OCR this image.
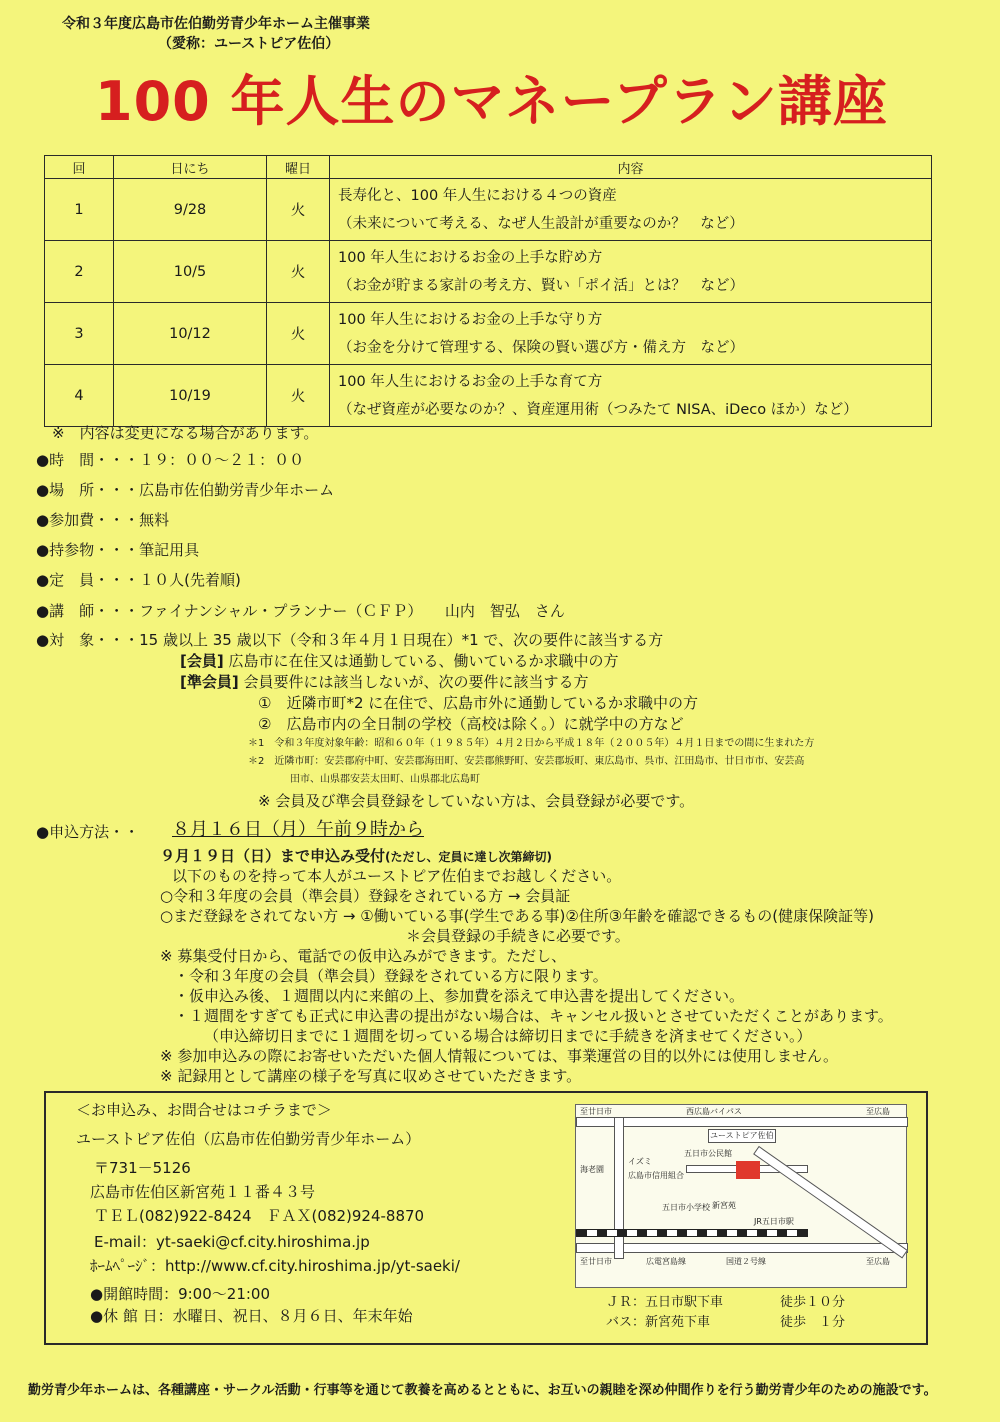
令和３年度広島市佐伯勤労青少年ホーム主催事業
（愛称：ユーストピア佐伯）
100 年人生のマネープラン講座
回	日にち	曜日	内容
1	9/28	火	長寿化と、100 年人生における４つの資産
（未来について考える、なぜ人生設計が重要なのか？　など）

2	10/5	火	100 年人生におけるお金の上手な貯め方
（お金が貯まる家計の考え方、賢い「ポイ活」とは？　など）

3	10/12	火	100 年人生におけるお金の上手な守り方
（お金を分けて管理する、保険の賢い選び方・備え方　など）

4	10/19	火	100 年人生におけるお金の上手な育て方
（なぜ資産が必要なのか？、資産運用術（つみたて NISA、iDeco ほか）など）
※　内容は変更になる場合があります。
●時　間・・・１９：００～２１：００
●場　所・・・広島市佐伯勤労青少年ホーム
●参加費・・・無料
●持参物・・・筆記用具
●定　員・・・１０人(先着順)
●講　師・・・ファイナンシャル・プランナー（ＣＦＰ）　　山内　智弘　さん
●対　象・・・15 歳以上 35 歳以下（令和３年４月１日現在）*1 で、次の要件に該当する方
[会員] 広島市に在住又は通勤している、働いているか求職中の方
[準会員] 会員要件には該当しないが、次の要件に該当する方
①　近隣市町*2 に在住で、広島市外に通勤しているか求職中の方
②　広島市内の全日制の学校（高校は除く。）に就学中の方など
＊1　令和３年度対象年齢：昭和６０年（１９８５年）４月２日から平成１８年（２００５年）４月１日までの間に生まれた方
＊2　近隣市町：安芸郡府中町、安芸郡海田町、安芸郡熊野町、安芸郡坂町、東広島市、呉市、江田島市、廿日市市、安芸高
田市、山県郡安芸太田町、山県郡北広島町
※ 会員及び準会員登録をしていない方は、会員登録が必要です。
●申込方法・・ ８月１６日（月）午前９時から
９月１９日（日）まで申込み受付(ただし、定員に達し次第締切)
以下のものを持って本人がユーストピア佐伯までお越しください。
○令和３年度の会員（準会員）登録をされている方 → 会員証
○まだ登録をされてない方 → ①働いている事(学生である事)②住所③年齢を確認できるもの(健康保険証等)
＊会員登録の手続きに必要です。
※ 募集受付日から、電話での仮申込みができます。ただし、
・令和３年度の会員（準会員）登録をされている方に限ります。
・仮申込み後、１週間以内に来館の上、参加費を添えて申込書を提出してください。
・１週間をすぎても正式に申込書の提出がない場合は、キャンセル扱いとさせていただくことがあります。
（申込締切日までに１週間を切っている場合は締切日までに手続きを済ませてください。）
※ 参加申込みの際にお寄せいただいた個人情報については、事業運営の目的以外には使用しません。
※ 記録用として講座の様子を写真に収めさせていただきます。
＜お申込み、お問合せはコチラまで＞
ユーストピア佐伯（広島市佐伯勤労青少年ホーム）
〒731－5126
広島市佐伯区新宮苑１１番４３号
ＴＥＬ(082)922-8424　ＦＡＸ(082)924-8870
E-mail：yt-saeki@cf.city.hiroshima.jp
ﾎｰﾑﾍﾟｰｼﾞ：http://www.cf.city.hiroshima.jp/yt-saeki/
●開館時間：9:00～21:00
●休 館 日：水曜日、祝日、８月６日、年末年始
至廿日市	西広島バイパス	至広島
ユーストピア佐伯
五日市公民館
イズミ
広島市信用組合
五日市小学校 新宮苑
JR五日市駅
至廿日市	広電宮島線	国道２号線	至広島
海老園
ＪＲ：五日市駅下車	徒歩１０分
バス：新宮苑下車	徒歩　１分
勤労青少年ホームは、各種講座・サークル活動・行事等を通じて教養を高めるとともに、お互いの親睦を深め仲間作りを行う勤労青少年のための施設です。
